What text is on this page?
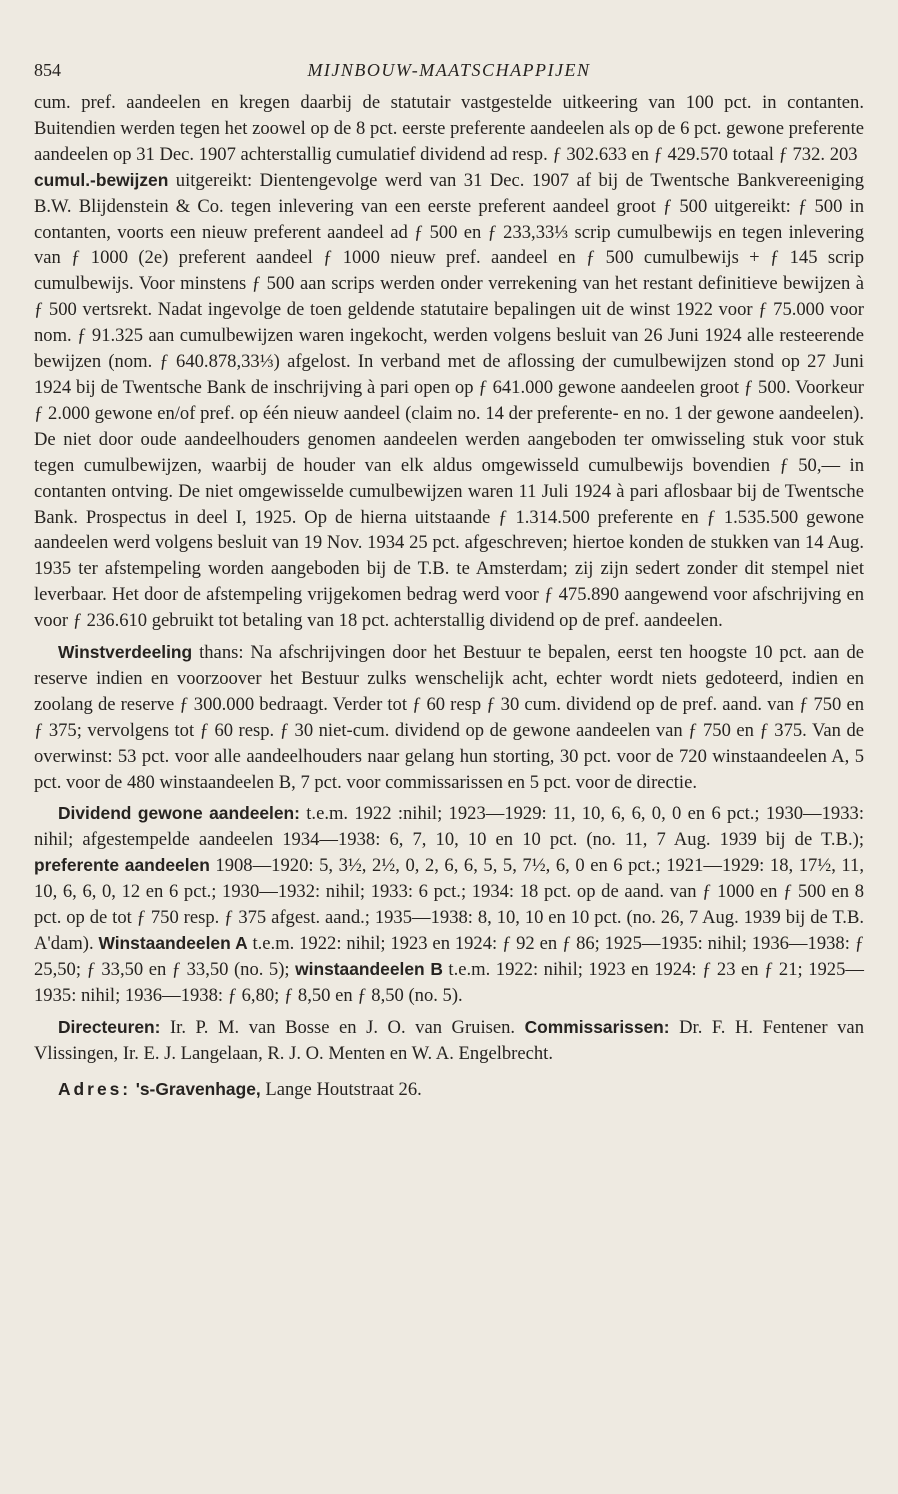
854	MIJNBOUW-MAATSCHAPPIJEN

cum. pref. aandeelen en kregen daarbij de statutair vastgestelde uitkeering van 100 pct. in contanten. Buitendien werden tegen het zoowel op de 8 pct. eerste preferente aandeelen als op de 6 pct. gewone preferente aandeelen op 31 Dec. 1907 achterstallig cumulatief dividend ad resp. ƒ 302.633 en ƒ 429.570 totaal ƒ 732. 203
cumul.-bewijzen uitgereikt: Dientengevolge werd van 31 Dec. 1907 af bij de Twentsche Bankvereeniging B.W. Blijdenstein & Co. tegen inlevering van een eerste preferent aandeel groot ƒ 500 uitgereikt: ƒ 500 in contanten, voorts een nieuw preferent aandeel ad ƒ 500 en ƒ 233,33⅓ scrip cumulbewijs en tegen inlevering van ƒ 1000 (2e) preferent aandeel ƒ 1000 nieuw pref. aandeel en ƒ 500 cumulbewijs + ƒ 145 scrip cumulbewijs. Voor minstens ƒ 500 aan scrips werden onder verrekening van het restant definitieve bewijzen à ƒ 500 vertsrekt. Nadat ingevolge de toen geldende statutaire bepalingen uit de winst 1922 voor ƒ 75.000 voor nom. ƒ 91.325 aan cumulbewijzen waren ingekocht, werden volgens besluit van 26 Juni 1924 alle resteerende bewijzen (nom. ƒ 640.878,33⅓) afgelost. In verband met de aflossing der cumulbewijzen stond op 27 Juni 1924 bij de Twentsche Bank de inschrijving à pari open op ƒ 641.000 gewone aandeelen groot ƒ 500. Voorkeur ƒ 2.000 gewone en/of pref. op één nieuw aandeel (claim no. 14 der preferente- en no. 1 der gewone aandeelen). De niet door oude aandeelhouders genomen aandeelen werden aangeboden ter omwisseling stuk voor stuk tegen cumulbewijzen, waarbij de houder van elk aldus omgewisseld cumulbewijs bovendien ƒ 50,— in contanten ontving. De niet omgewisselde cumulbewijzen waren 11 Juli 1924 à pari aflosbaar bij de Twentsche Bank. Prospectus in deel I, 1925. Op de hierna uitstaande ƒ 1.314.500 preferente en ƒ 1.535.500 gewone aandeelen werd volgens besluit van 19 Nov. 1934 25 pct. afgeschreven; hiertoe konden de stukken van 14 Aug. 1935 ter afstempeling worden aangeboden bij de T.B. te Amsterdam; zij zijn sedert zonder dit stempel niet leverbaar. Het door de afstempeling vrijgekomen bedrag werd voor ƒ 475.890 aangewend voor afschrijving en voor ƒ 236.610 gebruikt tot betaling van 18 pct. achterstallig dividend op de pref. aandeelen.

Winstverdeeling thans: Na afschrijvingen door het Bestuur te bepalen, eerst ten hoogste 10 pct. aan de reserve indien en voorzoover het Bestuur zulks wenschelijk acht, echter wordt niets gedoteerd, indien en zoolang de reserve ƒ 300.000 bedraagt. Verder tot ƒ 60 resp ƒ 30 cum. dividend op de pref. aand. van ƒ 750 en ƒ 375; vervolgens tot ƒ 60 resp. ƒ 30 niet-cum. dividend op de gewone aandeelen van ƒ 750 en ƒ 375. Van de overwinst: 53 pct. voor alle aandeelhouders naar gelang hun storting, 30 pct. voor de 720 winstaandeelen A, 5 pct. voor de 480 winstaandeelen B, 7 pct. voor commissarissen en 5 pct. voor de directie.

Dividend gewone aandeelen: t.e.m. 1922 :nihil; 1923—1929: 11, 10, 6, 6, 0, 0 en 6 pct.; 1930—1933: nihil; afgestempelde aandeelen 1934—1938: 6, 7, 10, 10 en 10 pct. (no. 11, 7 Aug. 1939 bij de T.B.); preferente aandeelen 1908—1920: 5, 3½, 2½, 0, 2, 6, 6, 5, 5, 7½, 6, 0 en 6 pct.; 1921—1929: 18, 17½, 11, 10, 6, 6, 0, 12 en 6 pct.; 1930—1932: nihil; 1933: 6 pct.; 1934: 18 pct. op de aand. van ƒ 1000 en ƒ 500 en 8 pct. op de tot ƒ 750 resp. ƒ 375 afgest. aand.; 1935—1938: 8, 10, 10 en 10 pct. (no. 26, 7 Aug. 1939 bij de T.B. A'dam). Winstaandeelen A t.e.m. 1922: nihil; 1923 en 1924: ƒ 92 en ƒ 86; 1925—1935: nihil; 1936—1938: ƒ 25,50; ƒ 33,50 en ƒ 33,50 (no. 5); winstaandeelen B t.e.m. 1922: nihil; 1923 en 1924: ƒ 23 en ƒ 21; 1925—1935: nihil; 1936—1938: ƒ 6,80; ƒ 8,50 en ƒ 8,50 (no. 5).

Directeuren: Ir. P. M. van Bosse en J. O. van Gruisen. Commissarissen: Dr. F. H. Fentener van Vlissingen, Ir. E. J. Langelaan, R. J. O. Menten en W. A. Engelbrecht.

Adres: 's-Gravenhage, Lange Houtstraat 26.
